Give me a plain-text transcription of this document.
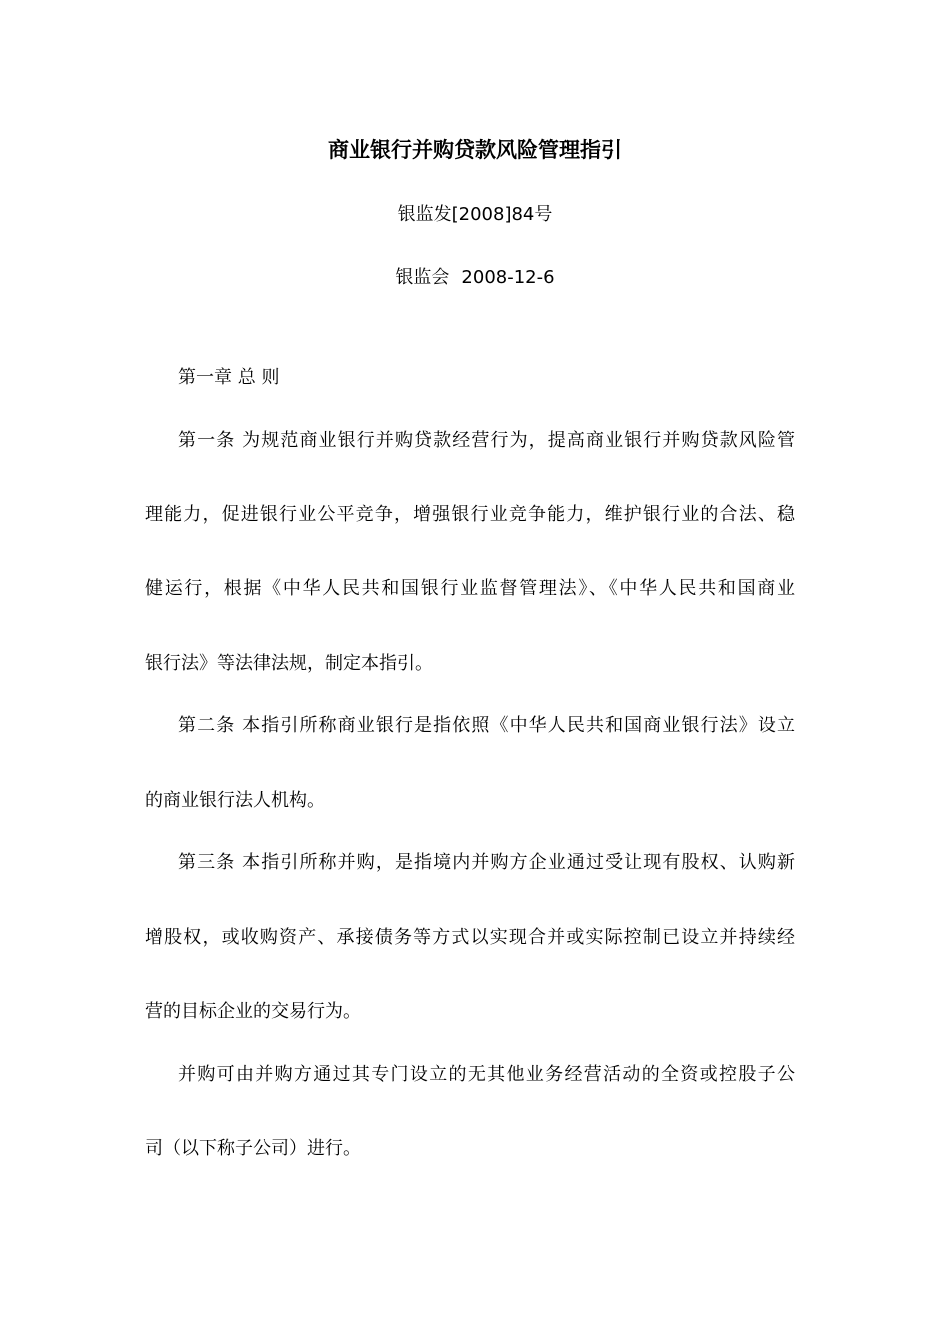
商业银行并购贷款风险管理指引
银监发[2008]84号
银监会 2008-12-6
第一章 总 则
第一条 为规范商业银行并购贷款经营行为，提高商业银行并购贷款风险管
理能力，促进银行业公平竞争，增强银行业竞争能力，维护银行业的合法、稳
健运行，根据《中华人民共和国银行业监督管理法》、《中华人民共和国商业
银行法》等法律法规，制定本指引。
第二条 本指引所称商业银行是指依照《中华人民共和国商业银行法》设立
的商业银行法人机构。
第三条 本指引所称并购，是指境内并购方企业通过受让现有股权、认购新
增股权，或收购资产、承接债务等方式以实现合并或实际控制已设立并持续经
营的目标企业的交易行为。
并购可由并购方通过其专门设立的无其他业务经营活动的全资或控股子公
司（以下称子公司）进行。
